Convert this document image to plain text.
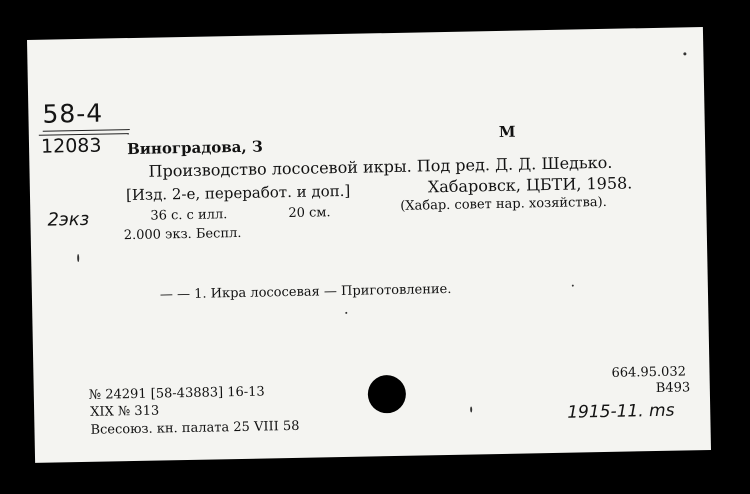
58-4
12083
2экз
Виноградова, З
М
Производство лососевой икры. Под ред. Д. Д. Шедько.
[Изд. 2-е, переработ. и доп.]	Хабаровск, ЦБТИ, 1958.
36 с. с илл.	20 см.	(Хабар. совет нар. хозяйства).
2.000 экз. Беспл.
— — 1. Икра лососевая — Приготовление.
№ 24291 [58-43883] 16-13
XIX № 313
Всесоюз. кн. палата 25 VIII 58
664.95.032
В493
1915-11. ms
